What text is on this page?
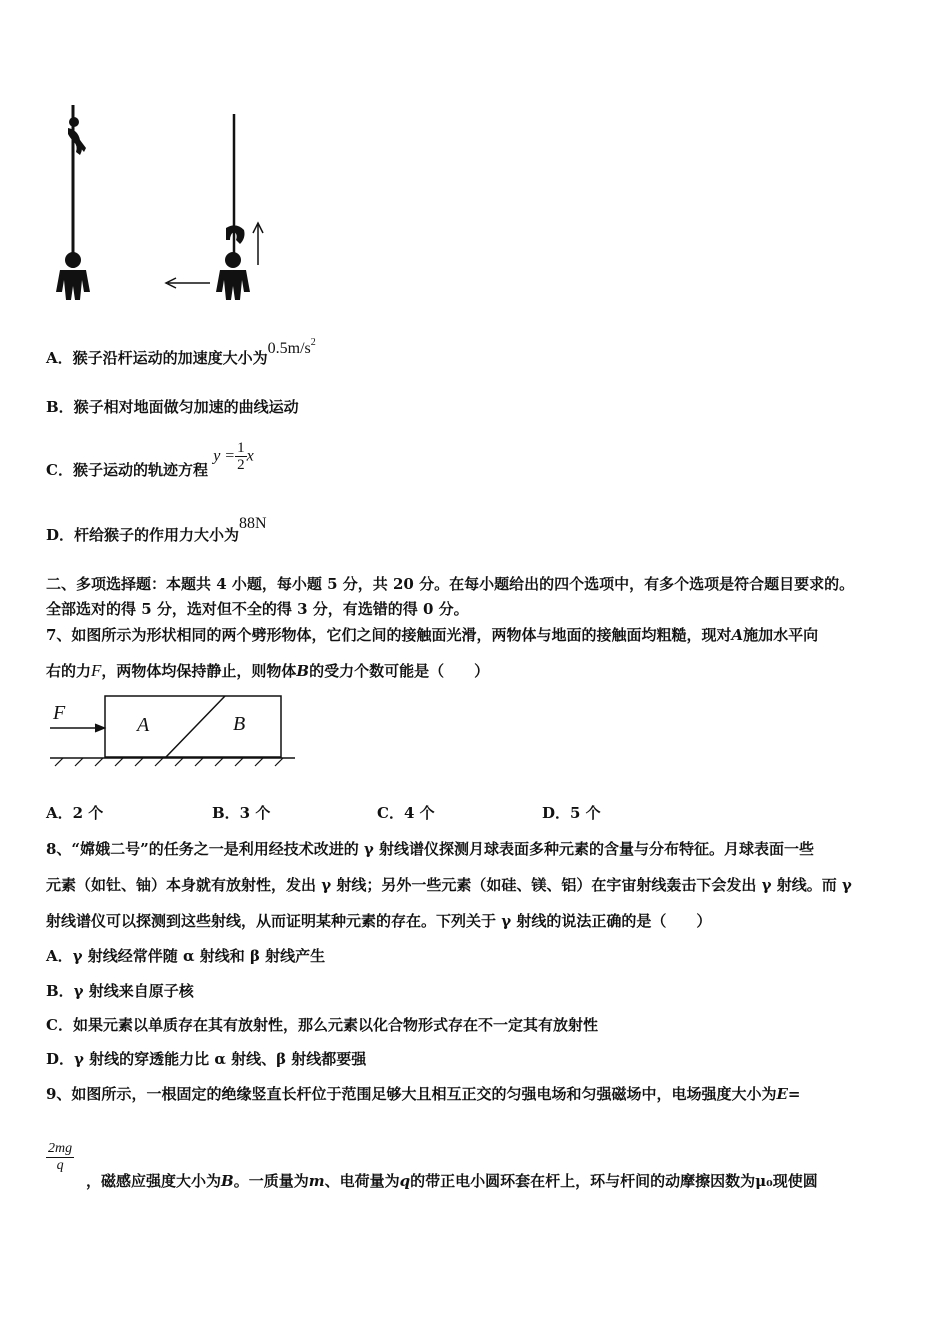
A．猴子沿杆运动的加速度大小为$0.5m/s^2$
B．猴子相对地面做匀加速的曲线运动
C．猴子运动的轨迹方程 $y = \frac{1}{2}$ x
D．杆给猴子的作用力大小为88N
二、多项选择题：本题共 4 小题，每小题 5 分，共 20 分。在每小题给出的四个选项中，有多个选项是符合题目要求的。
全部选对的得 5 分，选对但不全的得 3 分，有选错的得 0 分。
7、如图所示为形状相同的两个劈形物体，它们之间的接触面光滑，两物体与地面的接触面均粗糙，现对A施加水平向
右的力F，两物体均保持静止，则物体B的受力个数可能是（　　）
F
A	B
A．2 个	B．3 个	C．4 个	D．5 个
8、“嫦娥二号”的任务之一是利用经技术改进的 γ 射线谱仪探测月球表面多种元素的含量与分布特征。月球表面一些
元素（如钍、铀）本身就有放射性，发出 γ 射线；另外一些元素（如硅、镁、铝）在宇宙射线轰击下会发出 γ 射线。而 γ
射线谱仪可以探测到这些射线，从而证明某种元素的存在。下列关于 γ 射线的说法正确的是（　　）
A．γ 射线经常伴随 α 射线和 β 射线产生
B．γ 射线来自原子核
C．如果元素以单质存在其有放射性，那么元素以化合物形式存在不一定其有放射性
D．γ 射线的穿透能力比 α 射线、β 射线都要强
9、如图所示，一根固定的绝缘竖直长杆位于范围足够大且相互正交的匀强电场和匀强磁场中，电场强度大小为E=
$\frac{2mg}{q}$
，磁感应强度大小为B。一质量为m、电荷量为q的带正电小圆环套在杆上，环与杆间的动摩擦因数为μ₀现使圆
